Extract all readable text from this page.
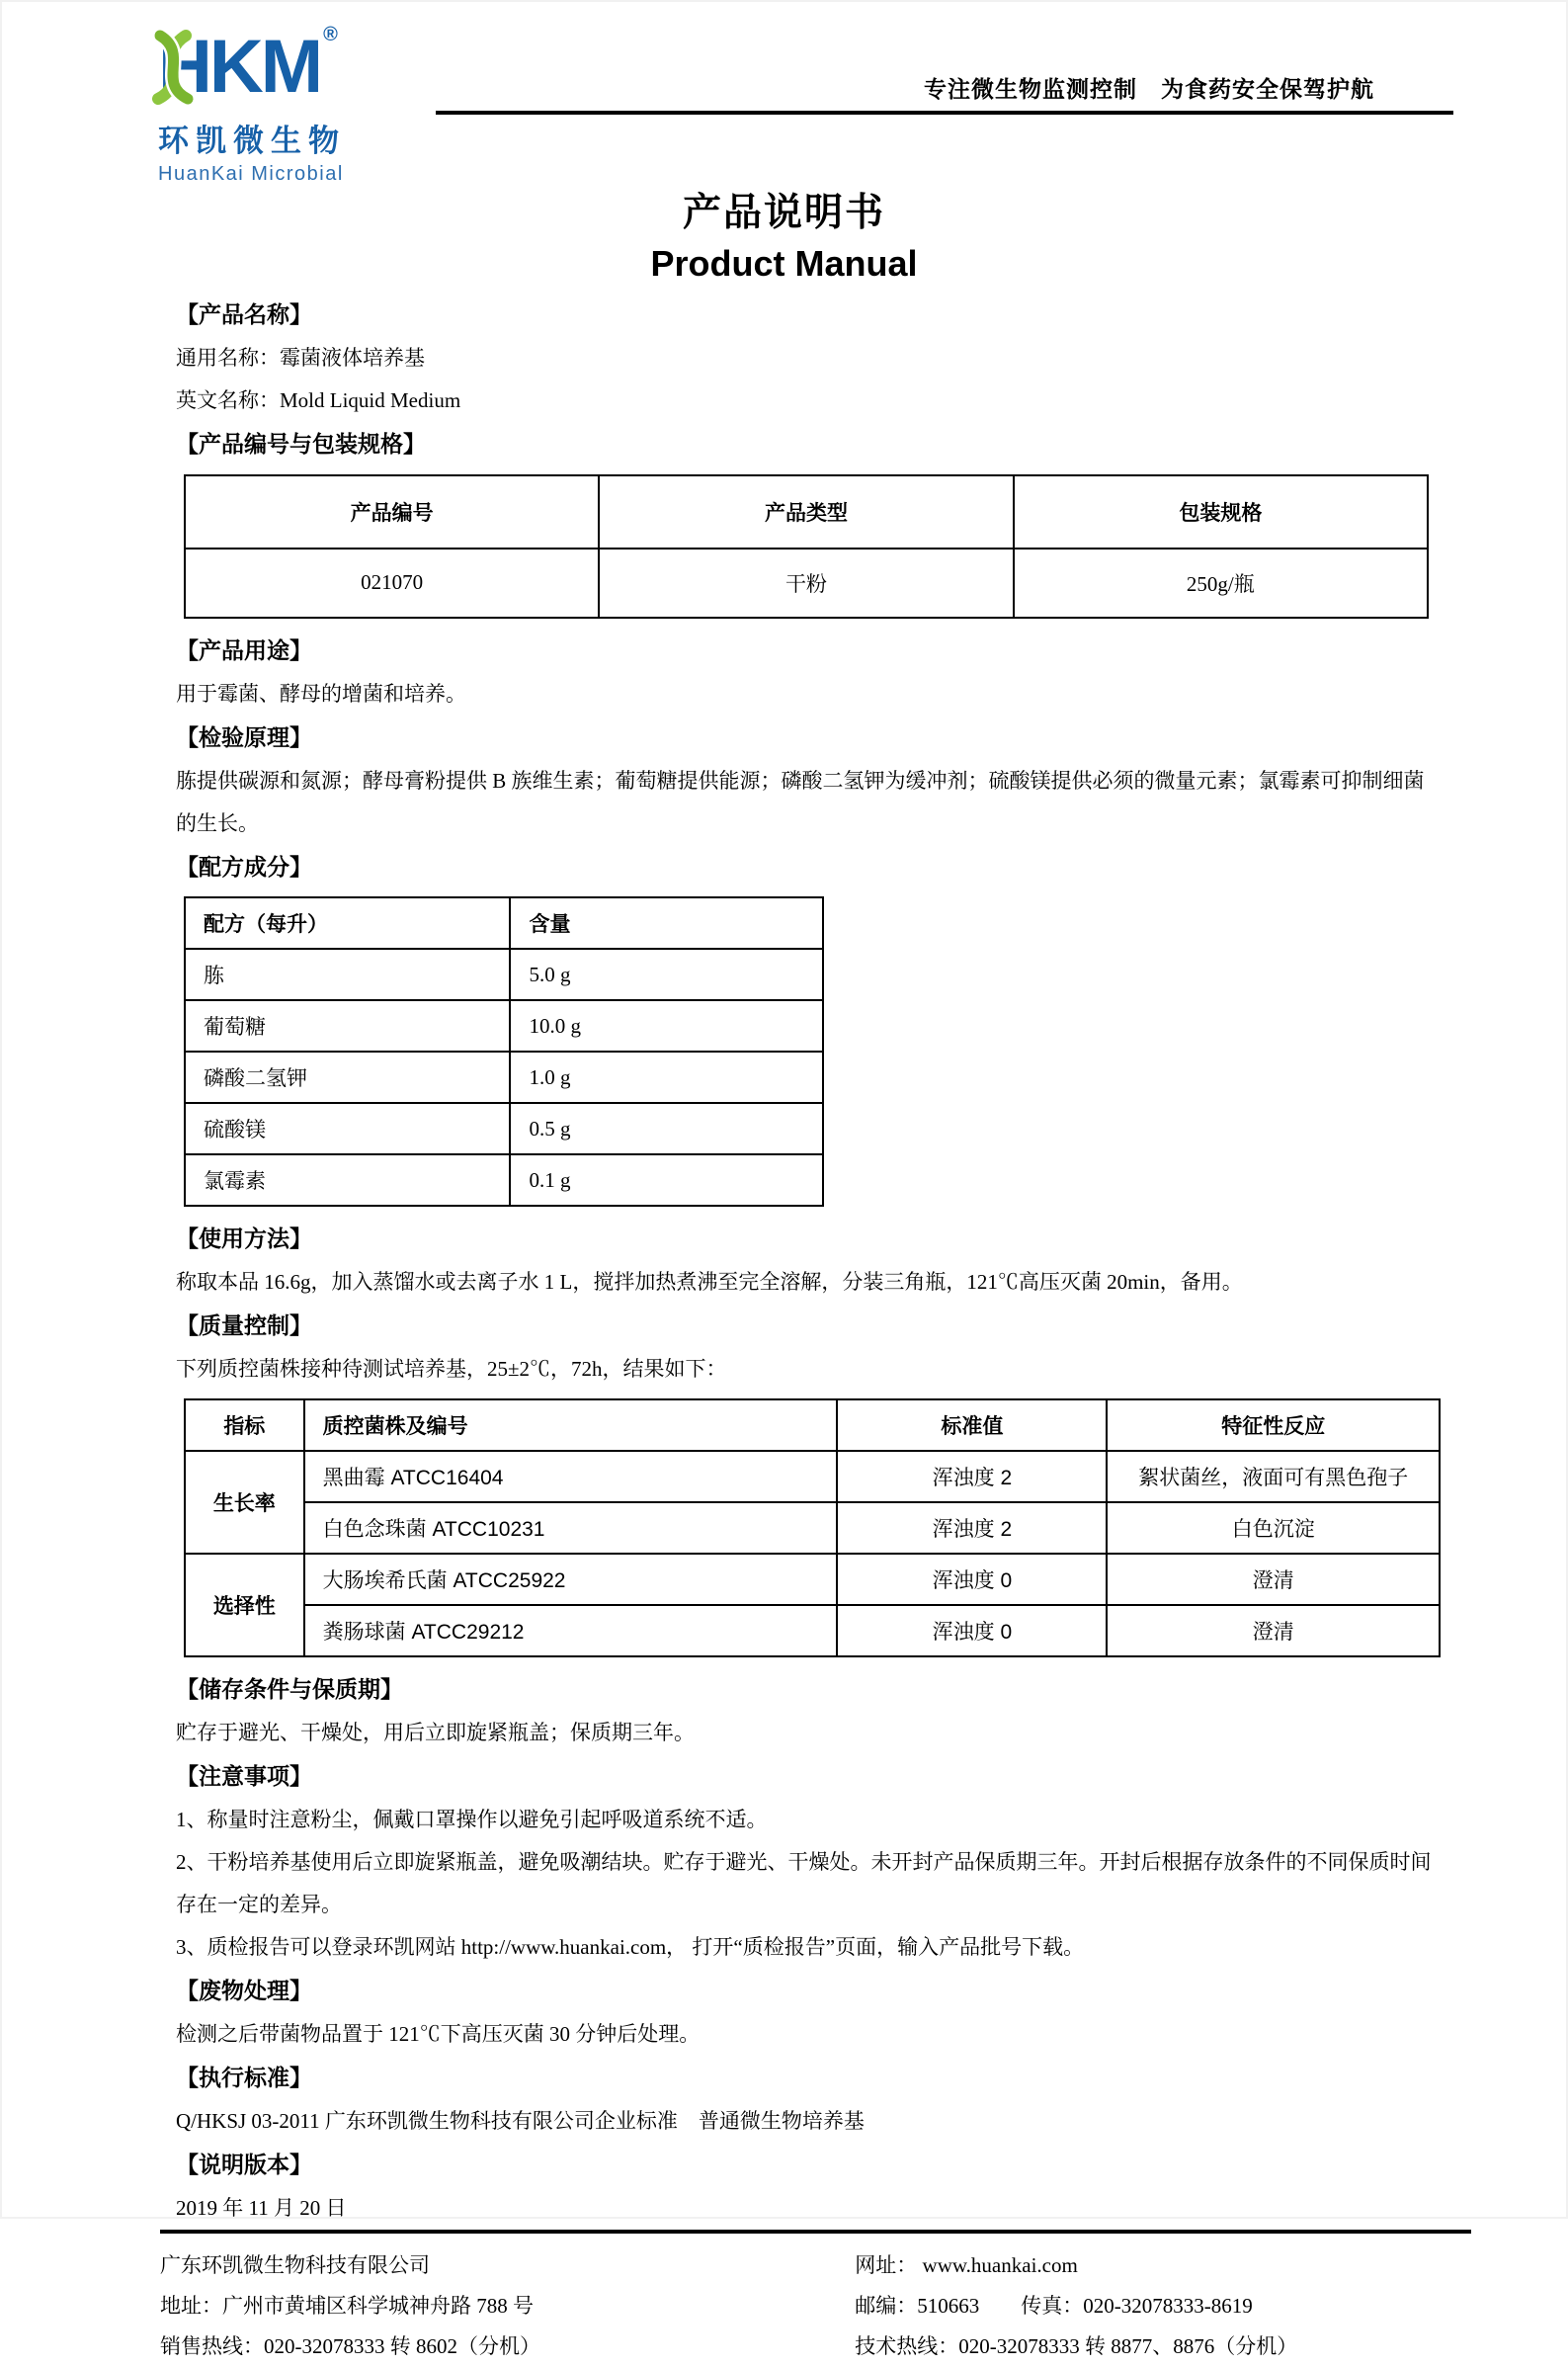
HKM ®
环凯微生物
HuanKai Microbial
专注微生物监测控制　为食药安全保驾护航
产品说明书
Product Manual
【产品名称】
通用名称：霉菌液体培养基
英文名称：Mold Liquid Medium
【产品编号与包装规格】
产品编号	产品类型	包装规格
021070	干粉	250g/瓶
【产品用途】
用于霉菌、酵母的增菌和培养。
【检验原理】
胨提供碳源和氮源；酵母膏粉提供 B 族维生素；葡萄糖提供能源；磷酸二氢钾为缓冲剂；硫酸镁提供必须的微量元素；氯霉素可抑制细菌的生长。
【配方成分】
配方（每升）	含量
胨	5.0 g
葡萄糖	10.0 g
磷酸二氢钾	1.0 g
硫酸镁	0.5 g
氯霉素	0.1 g
【使用方法】
称取本品 16.6g，加入蒸馏水或去离子水 1 L，搅拌加热煮沸至完全溶解，分装三角瓶，121℃高压灭菌 20min，备用。
【质量控制】
下列质控菌株接种待测试培养基，25±2℃，72h，结果如下：
指标	质控菌株及编号	标准值	特征性反应
生长率	黑曲霉 ATCC16404	浑浊度 2	絮状菌丝，液面可有黑色孢子
	白色念珠菌 ATCC10231	浑浊度 2	白色沉淀
选择性	大肠埃希氏菌 ATCC25922	浑浊度 0	澄清
	粪肠球菌 ATCC29212	浑浊度 0	澄清
【储存条件与保质期】
贮存于避光、干燥处，用后立即旋紧瓶盖；保质期三年。
【注意事项】
1、称量时注意粉尘，佩戴口罩操作以避免引起呼吸道系统不适。
2、干粉培养基使用后立即旋紧瓶盖，避免吸潮结块。贮存于避光、干燥处。未开封产品保质期三年。开封后根据存放条件的不同保质时间存在一定的差异。
3、质检报告可以登录环凯网站 http://www.huankai.com， 打开“质检报告”页面，输入产品批号下载。
【废物处理】
检测之后带菌物品置于 121℃下高压灭菌 30 分钟后处理。
【执行标准】
Q/HKSJ 03-2011 广东环凯微生物科技有限公司企业标准　普通微生物培养基
【说明版本】
2019 年 11 月 20 日
广东环凯微生物科技有限公司	网址： www.huankai.com
地址：广州市黄埔区科学城神舟路 788 号	邮编：510663　　传真：020-32078333-8619
销售热线：020-32078333 转 8602（分机）	技术热线：020-32078333 转 8877、8876（分机）
